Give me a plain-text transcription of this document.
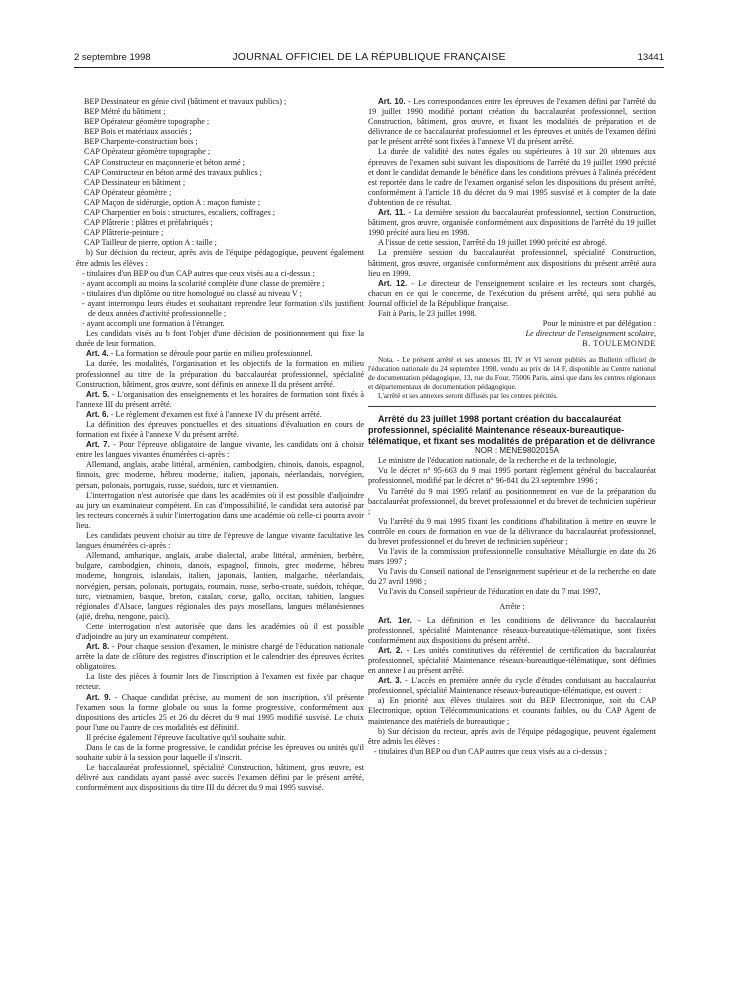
2 septembre 1998	JOURNAL OFFICIEL DE LA RÉPUBLIQUE FRANÇAISE	13441

BEP Dessinateur en génie civil (bâtiment et travaux publics) ;

BEP Métré du bâtiment ;

BEP Opérateur géomètre topographe ;

BEP Bois et matériaux associés ;

BEP Charpente-construction bois ;

CAP Opérateur géomètre topographe ;

CAP Constructeur en maçonnerie et béton armé ;

CAP Constructeur en béton armé des travaux publics ;

CAP Dessinateur en bâtiment ;

CAP Opérateur géomètre ;

CAP Maçon de sidérurgie, option A : maçon fumiste ;

CAP Charpentier en bois : structures, escaliers, coffrages ;

CAP Plâtrerie : plâtres et préfabriqués ;

CAP Plâtrerie-peinture ;

CAP Tailleur de pierre, option A : taille ;

b) Sur décision du recteur, après avis de l'équipe pédagogique, peuvent également être admis les élèves :

- titulaires d'un BEP ou d'un CAP autres que ceux visés au a ci-dessus ;

- ayant accompli au moins la scolarité complète d'une classe de première ;

- titulaires d'un diplôme ou titre homologué ou classé au niveau V ;

- ayant interrompu leurs études et souhaitant reprendre leur formation s'ils justifient de deux années d'activité professionnelle ;

- ayant accompli une formation à l'étranger.

Les candidats visés au b font l'objet d'une décision de positionnement qui fixe la durée de leur formation.

Art. 4. - La formation se déroule pour partie en milieu professionnel.

La durée, les modalités, l'organisation et les objectifs de la formation en milieu professionnel au titre de la préparation du baccalauréat professionnel, spécialité Construction, bâtiment, gros œuvre, sont définis en annexe II du présent arrêté.

Art. 5. - L'organisation des enseignements et les horaires de formation sont fixés à l'annexe III du présent arrêté.

Art. 6. - Le règlement d'examen est fixé à l'annexe IV du présent arrêté.

La définition des épreuves ponctuelles et des situations d'évaluation en cours de formation est fixée à l'annexe V du présent arrêté.

Art. 7. - Pour l'épreuve obligatoire de langue vivante, les candidats ont à choisir entre les langues vivantes énumérées ci-après :

Allemand, anglais, arabe littéral, arménien, cambodgien, chinois, danois, espagnol, finnois, grec moderne, hébreu moderne, italien, japonais, néerlandais, norvégien, persan, polonais, portugais, russe, suédois, turc et vietnamien.

L'interrogation n'est autorisée que dans les académies où il est possible d'adjoindre au jury un examinateur compétent. En cas d'impossibilité, le candidat sera autorisé par les recteurs concernés à subir l'interrogation dans une académie où celle-ci pourra avoir lieu.

Les candidats peuvent choisir au titre de l'épreuve de langue vivante facultative les langues énumérées ci-après :

Allemand, amharique, anglais, arabe dialectal, arabe littéral, arménien, berbère, bulgare, cambodgien, chinois, danois, espagnol, finnois, grec moderne, hébreu moderne, hongrois, islandais, italien, japonais, laotien, malgache, néerlandais, norvégien, persan, polonais, portugais, roumain, russe, serbo-croate, suédois, tchèque, turc, vietnamien, basque, breton, catalan, corse, gallo, occitan, tahitien, langues régionales d'Alsace, langues régionales des pays mosellans, langues mélanésiennes (ajië, drehu, nengone, paici).

Cette interrogation n'est autorisée que dans les académies où il est possible d'adjoindre au jury un examinateur compétent.

Art. 8. - Pour chaque session d'examen, le ministre chargé de l'éducation nationale arrête la date de clôture des registres d'inscription et le calendrier des épreuves écrites obligatoires.

La liste des pièces à fournir lors de l'inscription à l'examen est fixée par chaque recteur.

Art. 9. - Chaque candidat précise, au moment de son inscription, s'il présente l'examen sous la forme globale ou sous la forme progressive, conformément aux dispositions des articles 25 et 26 du décret du 9 mai 1995 modifié susvisé. Le choix pour l'une ou l'autre de ces modalités est définitif.

Il précise également l'épreuve facultative qu'il souhaite subir.

Dans le cas de la forme progressive, le candidat précise les épreuves ou unités qu'il souhaite subir à la session pour laquelle il s'inscrit.

Le baccalauréat professionnel, spécialité Construction, bâtiment, gros œuvre, est délivré aux candidats ayant passé avec succès l'examen défini par le présent arrêté, conformément aux dispositions du titre III du décret du 9 mai 1995 susvisé.

Art. 10. - Les correspondances entre les épreuves de l'examen défini par l'arrêté du 19 juillet 1990 modifié portant création du baccalauréat professionnel, section Construction, bâtiment, gros œuvre, et fixant les modalités de préparation et de délivrance de ce baccalauréat professionnel et les épreuves et unités de l'examen défini par le présent arrêté sont fixées à l'annexe VI du présent arrêté.

La durée de validité des notes égales ou supérieures à 10 sur 20 obtenues aux épreuves de l'examen subi suivant les dispositions de l'arrêté du 19 juillet 1990 précité et dont le candidat demande le bénéfice dans les conditions prévues à l'alinéa précédent est reportée dans le cadre de l'examen organisé selon les dispositions du présent arrêté, conformément à l'article 18 du décret du 9 mai 1995 susvisé et à compter de la date d'obtention de ce résultat.

Art. 11. - La dernière session du baccalauréat professionnel, section Construction, bâtiment, gros œuvre, organisée conformément aux dispositions de l'arrêté du 19 juillet 1990 précité aura lieu en 1998.

A l'issue de cette session, l'arrêté du 19 juillet 1990 précité est abrogé.

La première session du baccalauréat professionnel, spécialité Construction, bâtiment, gros œuvre, organisée conformément aux dispositions du présent arrêté aura lieu en 1999.

Art. 12. - Le directeur de l'enseignement scolaire et les recteurs sont chargés, chacun en ce qui le concerne, de l'exécution du présent arrêté, qui sera publié au Journal officiel de la République française.

Fait à Paris, le 23 juillet 1998.

Pour le ministre et par délégation :

Le directeur de l'enseignement scolaire,

B. TOULEMONDE

Nota. - Le présent arrêté et ses annexes III, IV et VI seront publiés au Bulletin officiel de l'éducation nationale du 24 septembre 1998, vendu au prix de 14 F, disponible au Centre national de documentation pédagogique, 13, rue du Four, 75006 Paris, ainsi que dans les centres régionaux et départementaux de documentation pédagogique.

L'arrêté et ses annexes seront diffusés par les centres précités.

Arrêté du 23 juillet 1998 portant création du baccalauréat professionnel, spécialité Maintenance réseaux-bureautique-télématique, et fixant ses modalités de préparation et de délivrance

NOR : MENE9802015A

Le ministre de l'éducation nationale, de la recherche et de la technologie,

Vu le décret n° 95-663 du 9 mai 1995 portant règlement général du baccalauréat professionnel, modifié par le décret n° 96-841 du 23 septembre 1996 ;

Vu l'arrêté du 9 mai 1995 relatif au positionnement en vue de la préparation du baccalauréat professionnel, du brevet professionnel et du brevet de technicien supérieur ;

Vu l'arrêté du 9 mai 1995 fixant les conditions d'habilitation à mettre en œuvre le contrôle en cours de formation en vue de la délivrance du baccalauréat professionnel, du brevet professionnel et du brevet de technicien supérieur ;

Vu l'avis de la commission professionnelle consultative Métallurgie en date du 26 mars 1997 ;

Vu l'avis du Conseil national de l'enseignement supérieur et de la recherche en date du 27 avril 1998 ;

Vu l'avis du Conseil supérieur de l'éducation en date du 7 mai 1997,

Arrête :

Art. 1er. - La définition et les conditions de délivrance du baccalauréat professionnel, spécialité Maintenance réseaux-bureautique-télématique, sont fixées conformément aux dispositions du présent arrêté.

Art. 2. - Les unités constitutives du référentiel de certification du baccalauréat professionnel, spécialité Maintenance réseaux-bureautique-télématique, sont définies en annexe I au présent arrêté.

Art. 3. - L'accès en première année du cycle d'études conduisant au baccalauréat professionnel, spécialité Maintenance réseaux-bureautique-télématique, est ouvert :

a) En priorité aux élèves titulaires soit du BEP Electronique, soit du CAP Electronique, option Télécommunications et courants faibles, ou du CAP Agent de maintenance des matériels de bureautique ;

b) Sur décision du recteur, après avis de l'équipe pédagogique, peuvent également être admis les élèves :

- titulaires d'un BEP ou d'un CAP autres que ceux visés au a ci-dessus ;
